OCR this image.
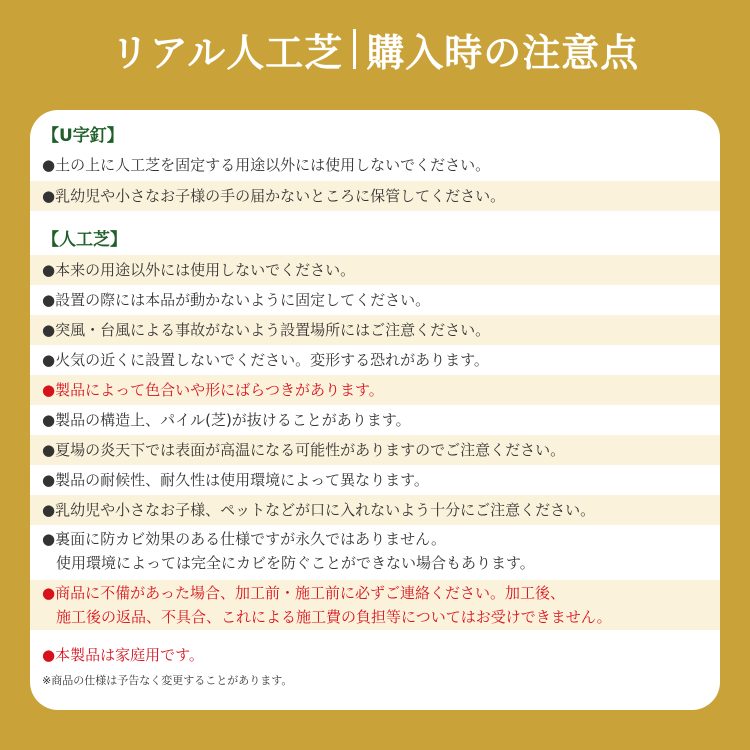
リアル人工芝 購入時の注意点
【U字釘】
●土の上に人工芝を固定する用途以外には使用しないでください。
●乳幼児や小さなお子様の手の届かないところに保管してください。
【人工芝】
●本来の用途以外には使用しないでください。
●設置の際には本品が動かないように固定してください。
●突風・台風による事故がないよう設置場所にはご注意ください。
●火気の近くに設置しないでください。変形する恐れがあります。
●製品によって色合いや形にばらつきがあります。
●製品の構造上、パイル(芝)が抜けることがあります。
●夏場の炎天下では表面が高温になる可能性がありますのでご注意ください。
●製品の耐候性、耐久性は使用環境によって異なります。
●乳幼児や小さなお子様、ペットなどが口に入れないよう十分にご注意ください。
●裏面に防カビ効果のある仕様ですが永久ではありません。
使用環境によっては完全にカビを防ぐことができない場合もあります。
●商品に不備があった場合、加工前・施工前に必ずご連絡ください。加工後、
施工後の返品、不具合、これによる施工費の負担等についてはお受けできません。
●本製品は家庭用です。
※商品の仕様は予告なく変更することがあります。
